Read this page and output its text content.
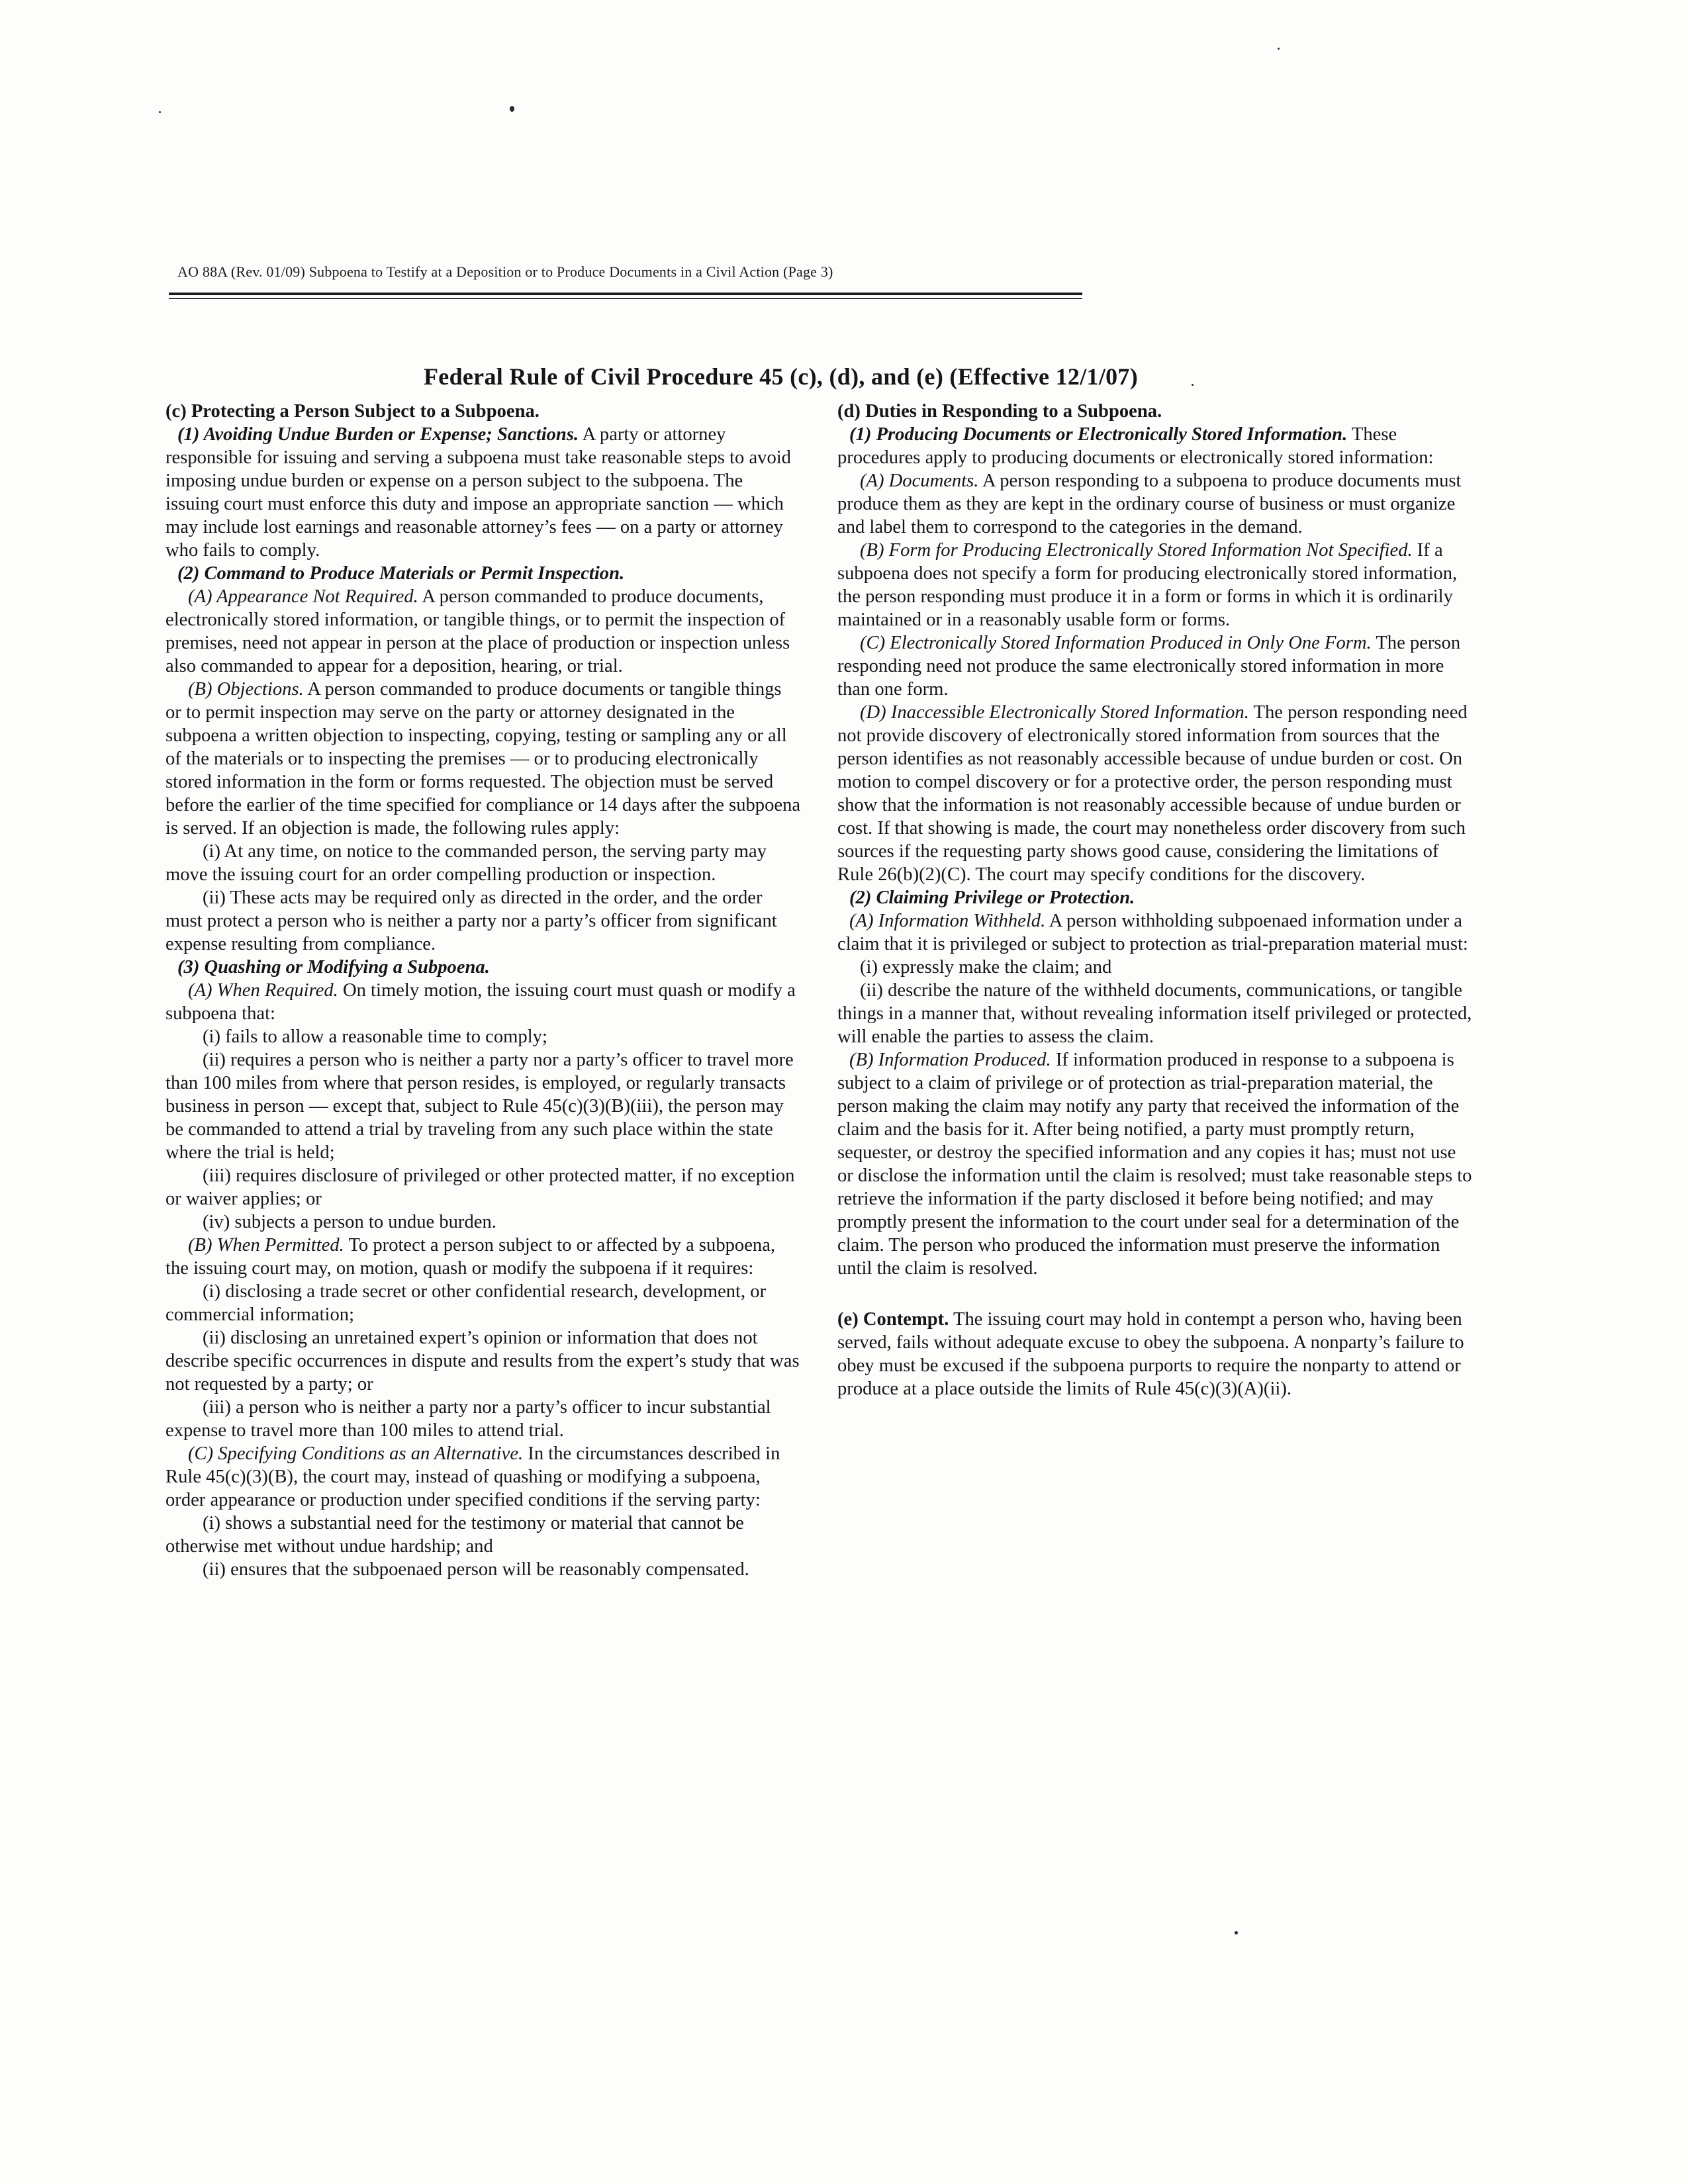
AO 88A (Rev. 01/09) Subpoena to Testify at a Deposition or to Produce Documents in a Civil Action (Page 3)
Federal Rule of Civil Procedure 45 (c), (d), and (e) (Effective 12/1/07)

(c) Protecting a Person Subject to a Subpoena.

(1) Avoiding Undue Burden or Expense; Sanctions. A party or attorney responsible for issuing and serving a subpoena must take reasonable steps to avoid imposing undue burden or expense on a person subject to the subpoena. The issuing court must enforce this duty and impose an appropriate sanction — which may include lost earnings and reasonable attorney’s fees — on a party or attorney who fails to comply.

(2) Command to Produce Materials or Permit Inspection.

(A) Appearance Not Required. A person commanded to produce documents, electronically stored information, or tangible things, or to permit the inspection of premises, need not appear in person at the place of production or inspection unless also commanded to appear for a deposition, hearing, or trial.

(B) Objections. A person commanded to produce documents or tangible things or to permit inspection may serve on the party or attorney designated in the subpoena a written objection to inspecting, copying, testing or sampling any or all of the materials or to inspecting the premises — or to producing electronically stored information in the form or forms requested. The objection must be served before the earlier of the time specified for compliance or 14 days after the subpoena is served. If an objection is made, the following rules apply:

(i) At any time, on notice to the commanded person, the serving party may move the issuing court for an order compelling production or inspection.

(ii) These acts may be required only as directed in the order, and the order must protect a person who is neither a party nor a party’s officer from significant expense resulting from compliance.

(3) Quashing or Modifying a Subpoena.

(A) When Required. On timely motion, the issuing court must quash or modify a subpoena that:

(i) fails to allow a reasonable time to comply;

(ii) requires a person who is neither a party nor a party’s officer to travel more than 100 miles from where that person resides, is employed, or regularly transacts business in person — except that, subject to Rule 45(c)(3)(B)(iii), the person may be commanded to attend a trial by traveling from any such place within the state where the trial is held;

(iii) requires disclosure of privileged or other protected matter, if no exception or waiver applies; or

(iv) subjects a person to undue burden.

(B) When Permitted. To protect a person subject to or affected by a subpoena, the issuing court may, on motion, quash or modify the subpoena if it requires:

(i) disclosing a trade secret or other confidential research, development, or commercial information;

(ii) disclosing an unretained expert’s opinion or information that does not describe specific occurrences in dispute and results from the expert’s study that was not requested by a party; or

(iii) a person who is neither a party nor a party’s officer to incur substantial expense to travel more than 100 miles to attend trial.

(C) Specifying Conditions as an Alternative. In the circumstances described in Rule 45(c)(3)(B), the court may, instead of quashing or modifying a subpoena, order appearance or production under specified conditions if the serving party:

(i) shows a substantial need for the testimony or material that cannot be otherwise met without undue hardship; and

(ii) ensures that the subpoenaed person will be reasonably compensated.

(d) Duties in Responding to a Subpoena.

(1) Producing Documents or Electronically Stored Information. These procedures apply to producing documents or electronically stored information:

(A) Documents. A person responding to a subpoena to produce documents must produce them as they are kept in the ordinary course of business or must organize and label them to correspond to the categories in the demand.

(B) Form for Producing Electronically Stored Information Not Specified. If a subpoena does not specify a form for producing electronically stored information, the person responding must produce it in a form or forms in which it is ordinarily maintained or in a reasonably usable form or forms.

(C) Electronically Stored Information Produced in Only One Form. The person responding need not produce the same electronically stored information in more than one form.

(D) Inaccessible Electronically Stored Information. The person responding need not provide discovery of electronically stored information from sources that the person identifies as not reasonably accessible because of undue burden or cost. On motion to compel discovery or for a protective order, the person responding must show that the information is not reasonably accessible because of undue burden or cost. If that showing is made, the court may nonetheless order discovery from such sources if the requesting party shows good cause, considering the limitations of Rule 26(b)(2)(C). The court may specify conditions for the discovery.

(2) Claiming Privilege or Protection.

(A) Information Withheld. A person withholding subpoenaed information under a claim that it is privileged or subject to protection as trial-preparation material must:

(i) expressly make the claim; and

(ii) describe the nature of the withheld documents, communications, or tangible things in a manner that, without revealing information itself privileged or protected, will enable the parties to assess the claim.

(B) Information Produced. If information produced in response to a subpoena is subject to a claim of privilege or of protection as trial-preparation material, the person making the claim may notify any party that received the information of the claim and the basis for it. After being notified, a party must promptly return, sequester, or destroy the specified information and any copies it has; must not use or disclose the information until the claim is resolved; must take reasonable steps to retrieve the information if the party disclosed it before being notified; and may promptly present the information to the court under seal for a determination of the claim. The person who produced the information must preserve the information until the claim is resolved.

(e) Contempt. The issuing court may hold in contempt a person who, having been served, fails without adequate excuse to obey the subpoena. A nonparty’s failure to obey must be excused if the subpoena purports to require the nonparty to attend or produce at a place outside the limits of Rule 45(c)(3)(A)(ii).
